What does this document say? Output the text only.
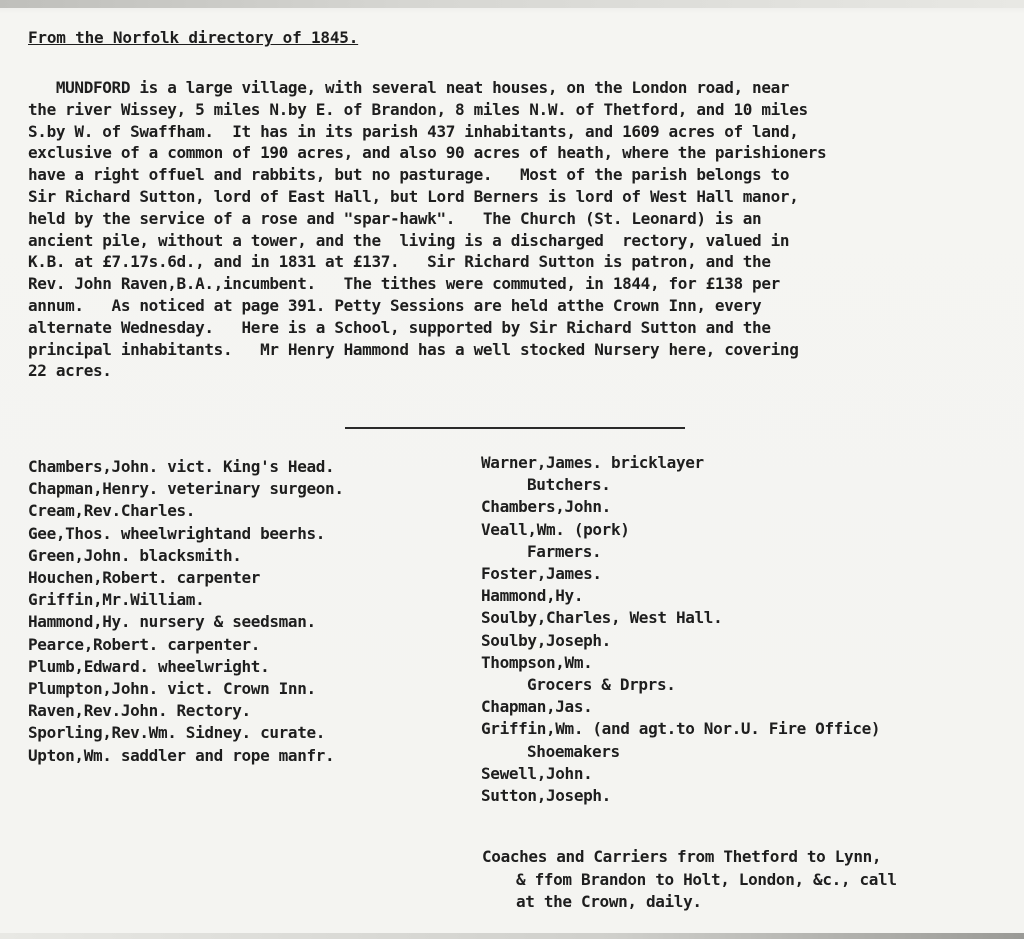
From the Norfolk directory of 1845.
MUNDFORD is a large village, with several neat houses, on the London road, near
the river Wissey, 5 miles N.by E. of Brandon, 8 miles N.W. of Thetford, and 10 miles
S.by W. of Swaffham.  It has in its parish 437 inhabitants, and 1609 acres of land,
exclusive of a common of 190 acres, and also 90 acres of heath, where the parishioners
have a right offuel and rabbits, but no pasturage.   Most of the parish belongs to
Sir Richard Sutton, lord of East Hall, but Lord Berners is lord of West Hall manor,
held by the service of a rose and "spar-hawk".   The Church (St. Leonard) is an
ancient pile, without a tower, and the  living is a discharged  rectory, valued in
K.B. at £7.17s.6d., and in 1831 at £137.   Sir Richard Sutton is patron, and the
Rev. John Raven,B.A.,incumbent.   The tithes were commuted, in 1844, for £138 per
annum.   As noticed at page 391. Petty Sessions are held atthe Crown Inn, every
alternate Wednesday.   Here is a School, supported by Sir Richard Sutton and the
principal inhabitants.   Mr Henry Hammond has a well stocked Nursery here, covering
22 acres.
Chambers,John. vict. King's Head.
Chapman,Henry. veterinary surgeon.
Cream,Rev.Charles.
Gee,Thos. wheelwrightand beerhs.
Green,John. blacksmith.
Houchen,Robert. carpenter
Griffin,Mr.William.
Hammond,Hy. nursery & seedsman.
Pearce,Robert. carpenter.
Plumb,Edward. wheelwright.
Plumpton,John. vict. Crown Inn.
Raven,Rev.John. Rectory.
Sporling,Rev.Wm. Sidney. curate.
Upton,Wm. saddler and rope manfr.
Warner,James. bricklayer
Butchers.
Chambers,John.
Veall,Wm. (pork)
Farmers.
Foster,James.
Hammond,Hy.
Soulby,Charles, West Hall.
Soulby,Joseph.
Thompson,Wm.
Grocers & Drprs.
Chapman,Jas.
Griffin,Wm. (and agt.to Nor.U. Fire Office)
Shoemakers
Sewell,John.
Sutton,Joseph.
Coaches and Carriers from Thetford to Lynn,
& ffom Brandon to Holt, London, &c., call
at the Crown, daily.
